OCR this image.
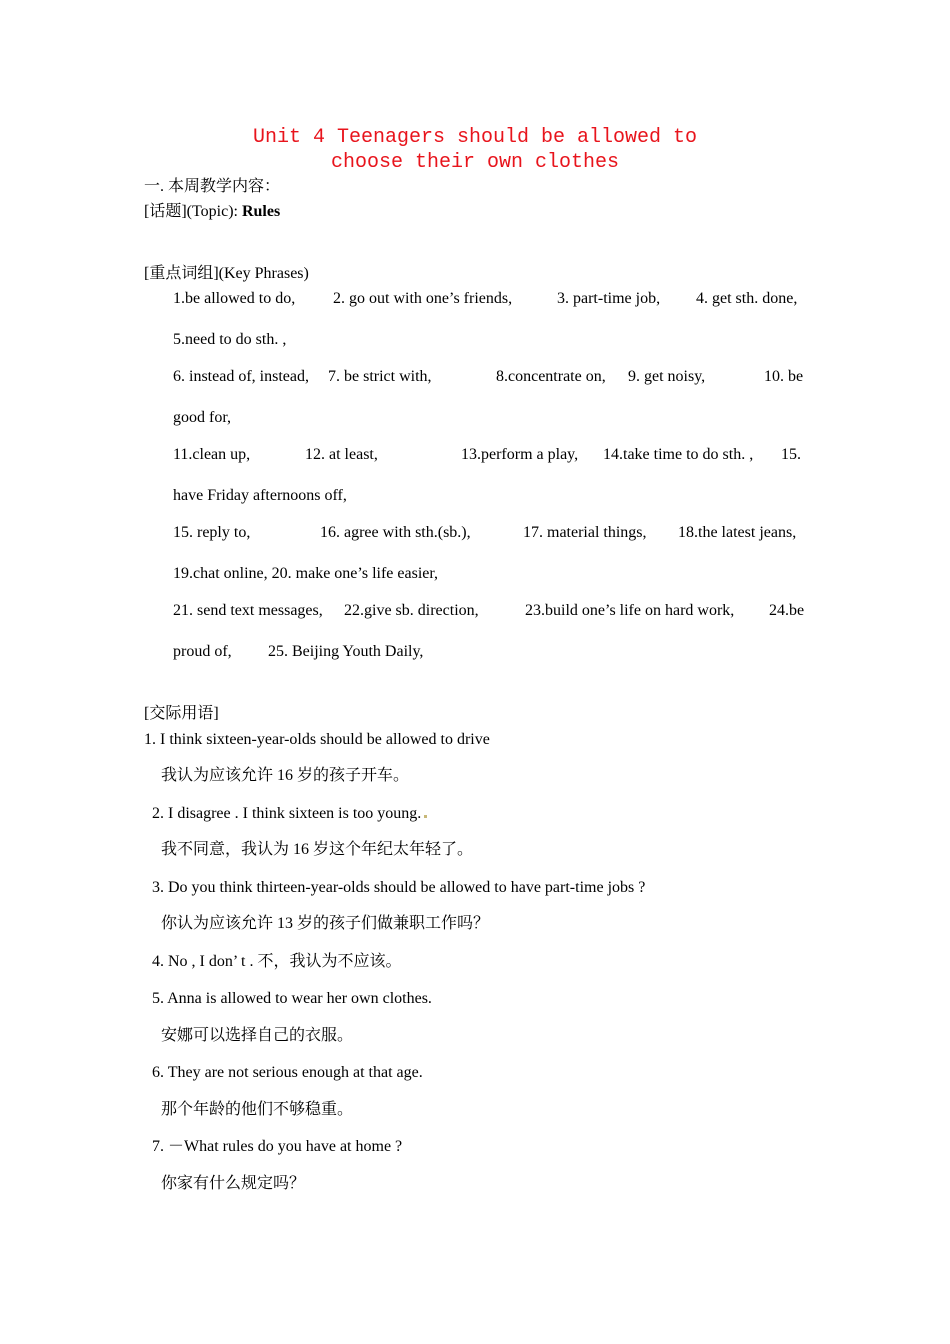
Unit 4 Teenagers should be allowed to
choose their own clothes
一. 本周教学内容：
[话题](Topic): Rules
[重点词组](Key Phrases)
1.be allowed to do, 2. go out with one’s friends,	3. part-time job, 4. get sth. done,
5.need to do sth. ,
6. instead of, instead, 7. be strict with,	8.concentrate on, 9. get noisy,	10. be
good for,
11.clean up,	12. at least,	13.perform a play, 14.take time to do sth. , 15.
have Friday afternoons off,
15. reply to,	16. agree with sth.(sb.),	17. material things, 18.the latest jeans,
19.chat online, 20. make one’s life easier,
21. send text messages, 22.give sb. direction,	23.build one’s life on hard work, 24.be
proud of, 25. Beijing Youth Daily,
[交际用语]
1. I think sixteen-year-olds should be allowed to drive
我认为应该允许 16 岁的孩子开车。
2. I disagree . I think sixteen is too young.
我不同意，我认为 16 岁这个年纪太年轻了。
3. Do you think thirteen-year-olds should be allowed to have part-time jobs ?
你认为应该允许 13 岁的孩子们做兼职工作吗？
4. No , I don’ t . 不，我认为不应该。
5. Anna is allowed to wear her own clothes.
安娜可以选择自己的衣服。
6. They are not serious enough at that age.
那个年龄的他们不够稳重。
7. －What rules do you have at home ?
你家有什么规定吗？
